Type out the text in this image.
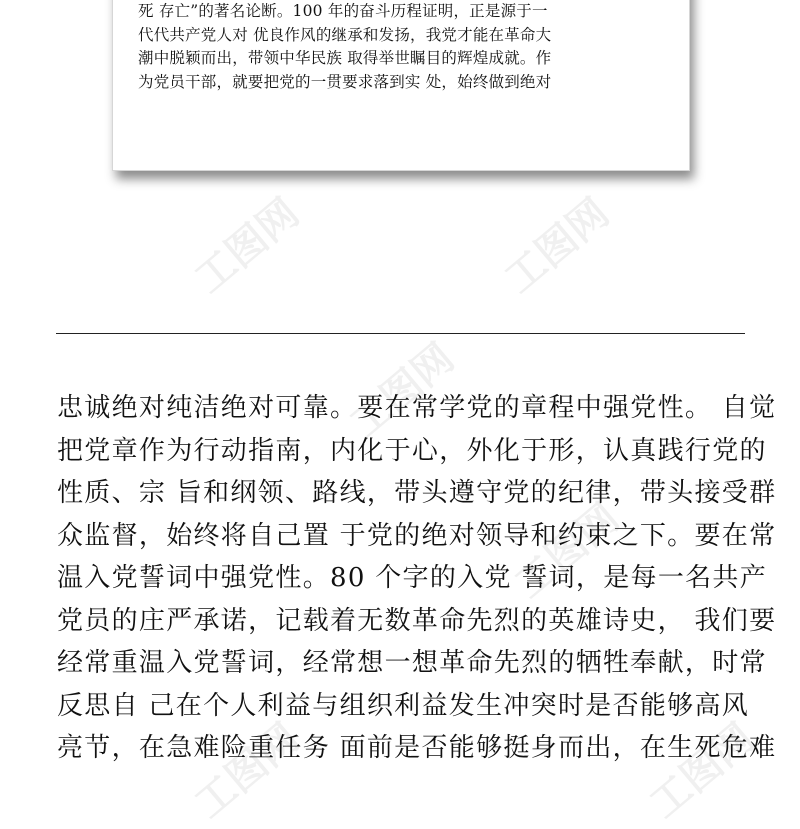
死 存亡”的著名论断。100 年的奋斗历程证明，正是源于一
代代共产党人对 优良作风的继承和发扬，我党才能在革命大
潮中脱颖而出，带领中华民族 取得举世瞩目的辉煌成就。作
为党员干部，就要把党的一贯要求落到实 处，始终做到绝对
工图网	工图网
工图网
工图网
工图网	工图网
忠诚绝对纯洁绝对可靠。要在常学党的章程中强党性。 自觉
把党章作为行动指南，内化于心，外化于形，认真践行党的
性质、宗 旨和纲领、路线，带头遵守党的纪律，带头接受群
众监督，始终将自己置 于党的绝对领导和约束之下。要在常
温入党誓词中强党性。80 个字的入党 誓词，是每一名共产
党员的庄严承诺，记载着无数革命先烈的英雄诗史， 我们要
经常重温入党誓词，经常想一想革命先烈的牺牲奉献，时常
反思自 己在个人利益与组织利益发生冲突时是否能够高风
亮节，在急难险重任务 面前是否能够挺身而出，在生死危难
